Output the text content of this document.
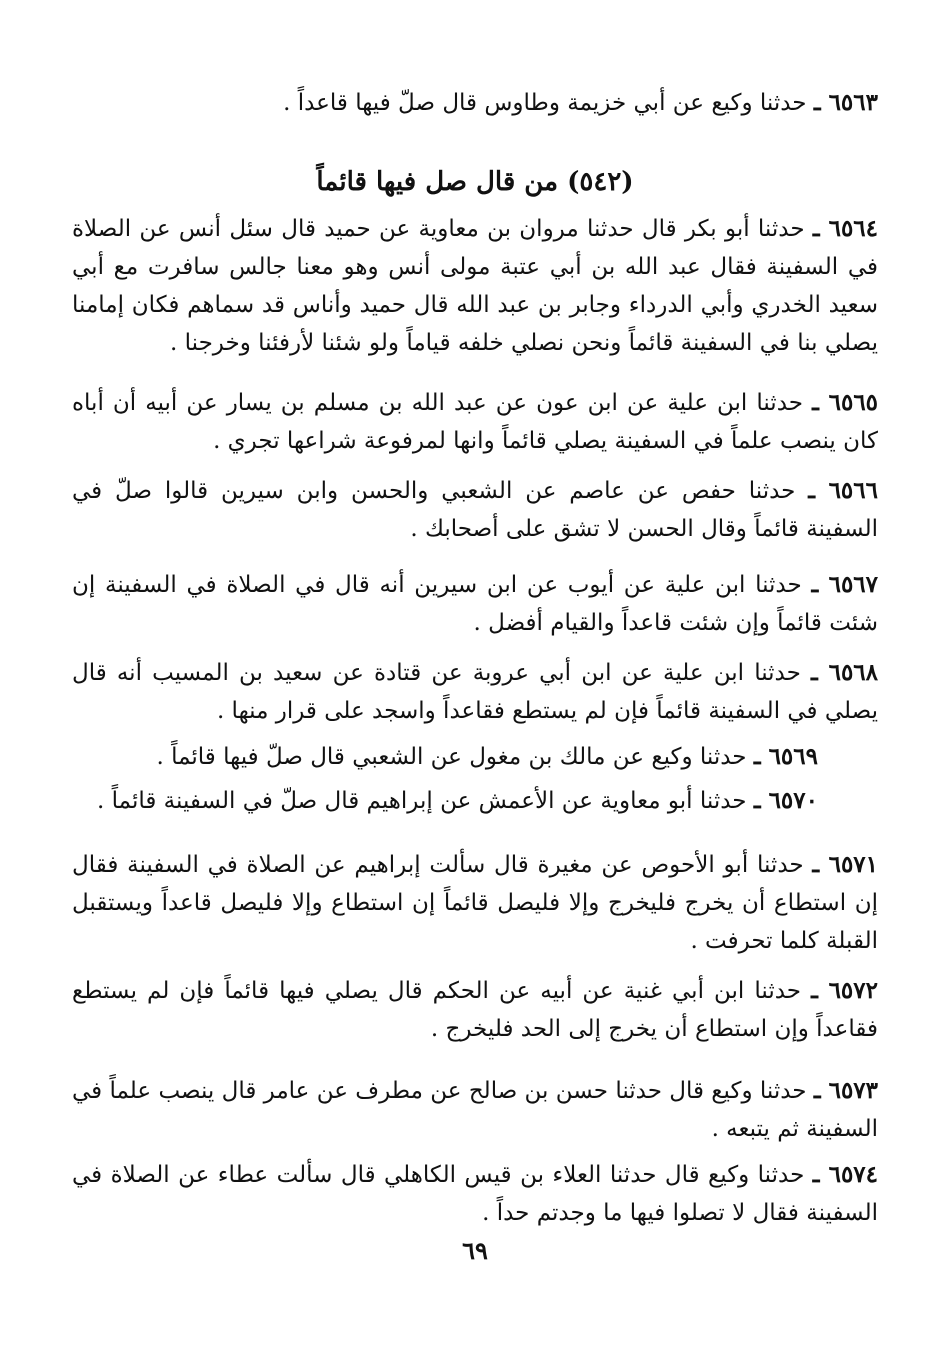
٦٥٦٣ ـ حدثنا وكيع عن أبي خزيمة وطاوس قال صلّ فيها قاعداً .
(٥٤٢) من قال صل فيها قائماً
٦٥٦٤ ـ حدثنا أبو بكر قال حدثنا مروان بن معاوية عن حميد قال سئل أنس عن الصلاة في السفينة فقال عبد الله بن أبي عتبة مولى أنس وهو معنا جالس سافرت مع أبي سعيد الخدري وأبي الدرداء وجابر بن عبد الله قال حميد وأناس قد سماهم فكان إمامنا يصلي بنا في السفينة قائماً ونحن نصلي خلفه قياماً ولو شئنا لأرفئنا وخرجنا .
٦٥٦٥ ـ حدثنا ابن علية عن ابن عون عن عبد الله بن مسلم بن يسار عن أبيه أن أباه كان ينصب علماً في السفينة يصلي قائماً وانها لمرفوعة شراعها تجري .
٦٥٦٦ ـ حدثنا حفص عن عاصم عن الشعبي والحسن وابن سيرين قالوا صلّ في السفينة قائماً وقال الحسن لا تشق على أصحابك .
٦٥٦٧ ـ حدثنا ابن علية عن أيوب عن ابن سيرين أنه قال في الصلاة في السفينة إن شئت قائماً وإن شئت قاعداً والقيام أفضل .
٦٥٦٨ ـ حدثنا ابن علية عن ابن أبي عروبة عن قتادة عن سعيد بن المسيب أنه قال يصلي في السفينة قائماً فإن لم يستطع فقاعداً واسجد على قرار منها .
٦٥٦٩ ـ حدثنا وكيع عن مالك بن مغول عن الشعبي قال صلّ فيها قائماً .
٦٥٧٠ ـ حدثنا أبو معاوية عن الأعمش عن إبراهيم قال صلّ في السفينة قائماً .
٦٥٧١ ـ حدثنا أبو الأحوص عن مغيرة قال سألت إبراهيم عن الصلاة في السفينة فقال إن استطاع أن يخرج فليخرج وإلا فليصل قائماً إن استطاع وإلا فليصل قاعداً ويستقبل القبلة كلما تحرفت .
٦٥٧٢ ـ حدثنا ابن أبي غنية عن أبيه عن الحكم قال يصلي فيها قائماً فإن لم يستطع فقاعداً وإن استطاع أن يخرج إلى الحد فليخرج .
٦٥٧٣ ـ حدثنا وكيع قال حدثنا حسن بن صالح عن مطرف عن عامر قال ينصب علماً في السفينة ثم يتبعه .
٦٥٧٤ ـ حدثنا وكيع قال حدثنا العلاء بن قيس الكاهلي قال سألت عطاء عن الصلاة في السفينة فقال لا تصلوا فيها ما وجدتم حداً .
٦٩
